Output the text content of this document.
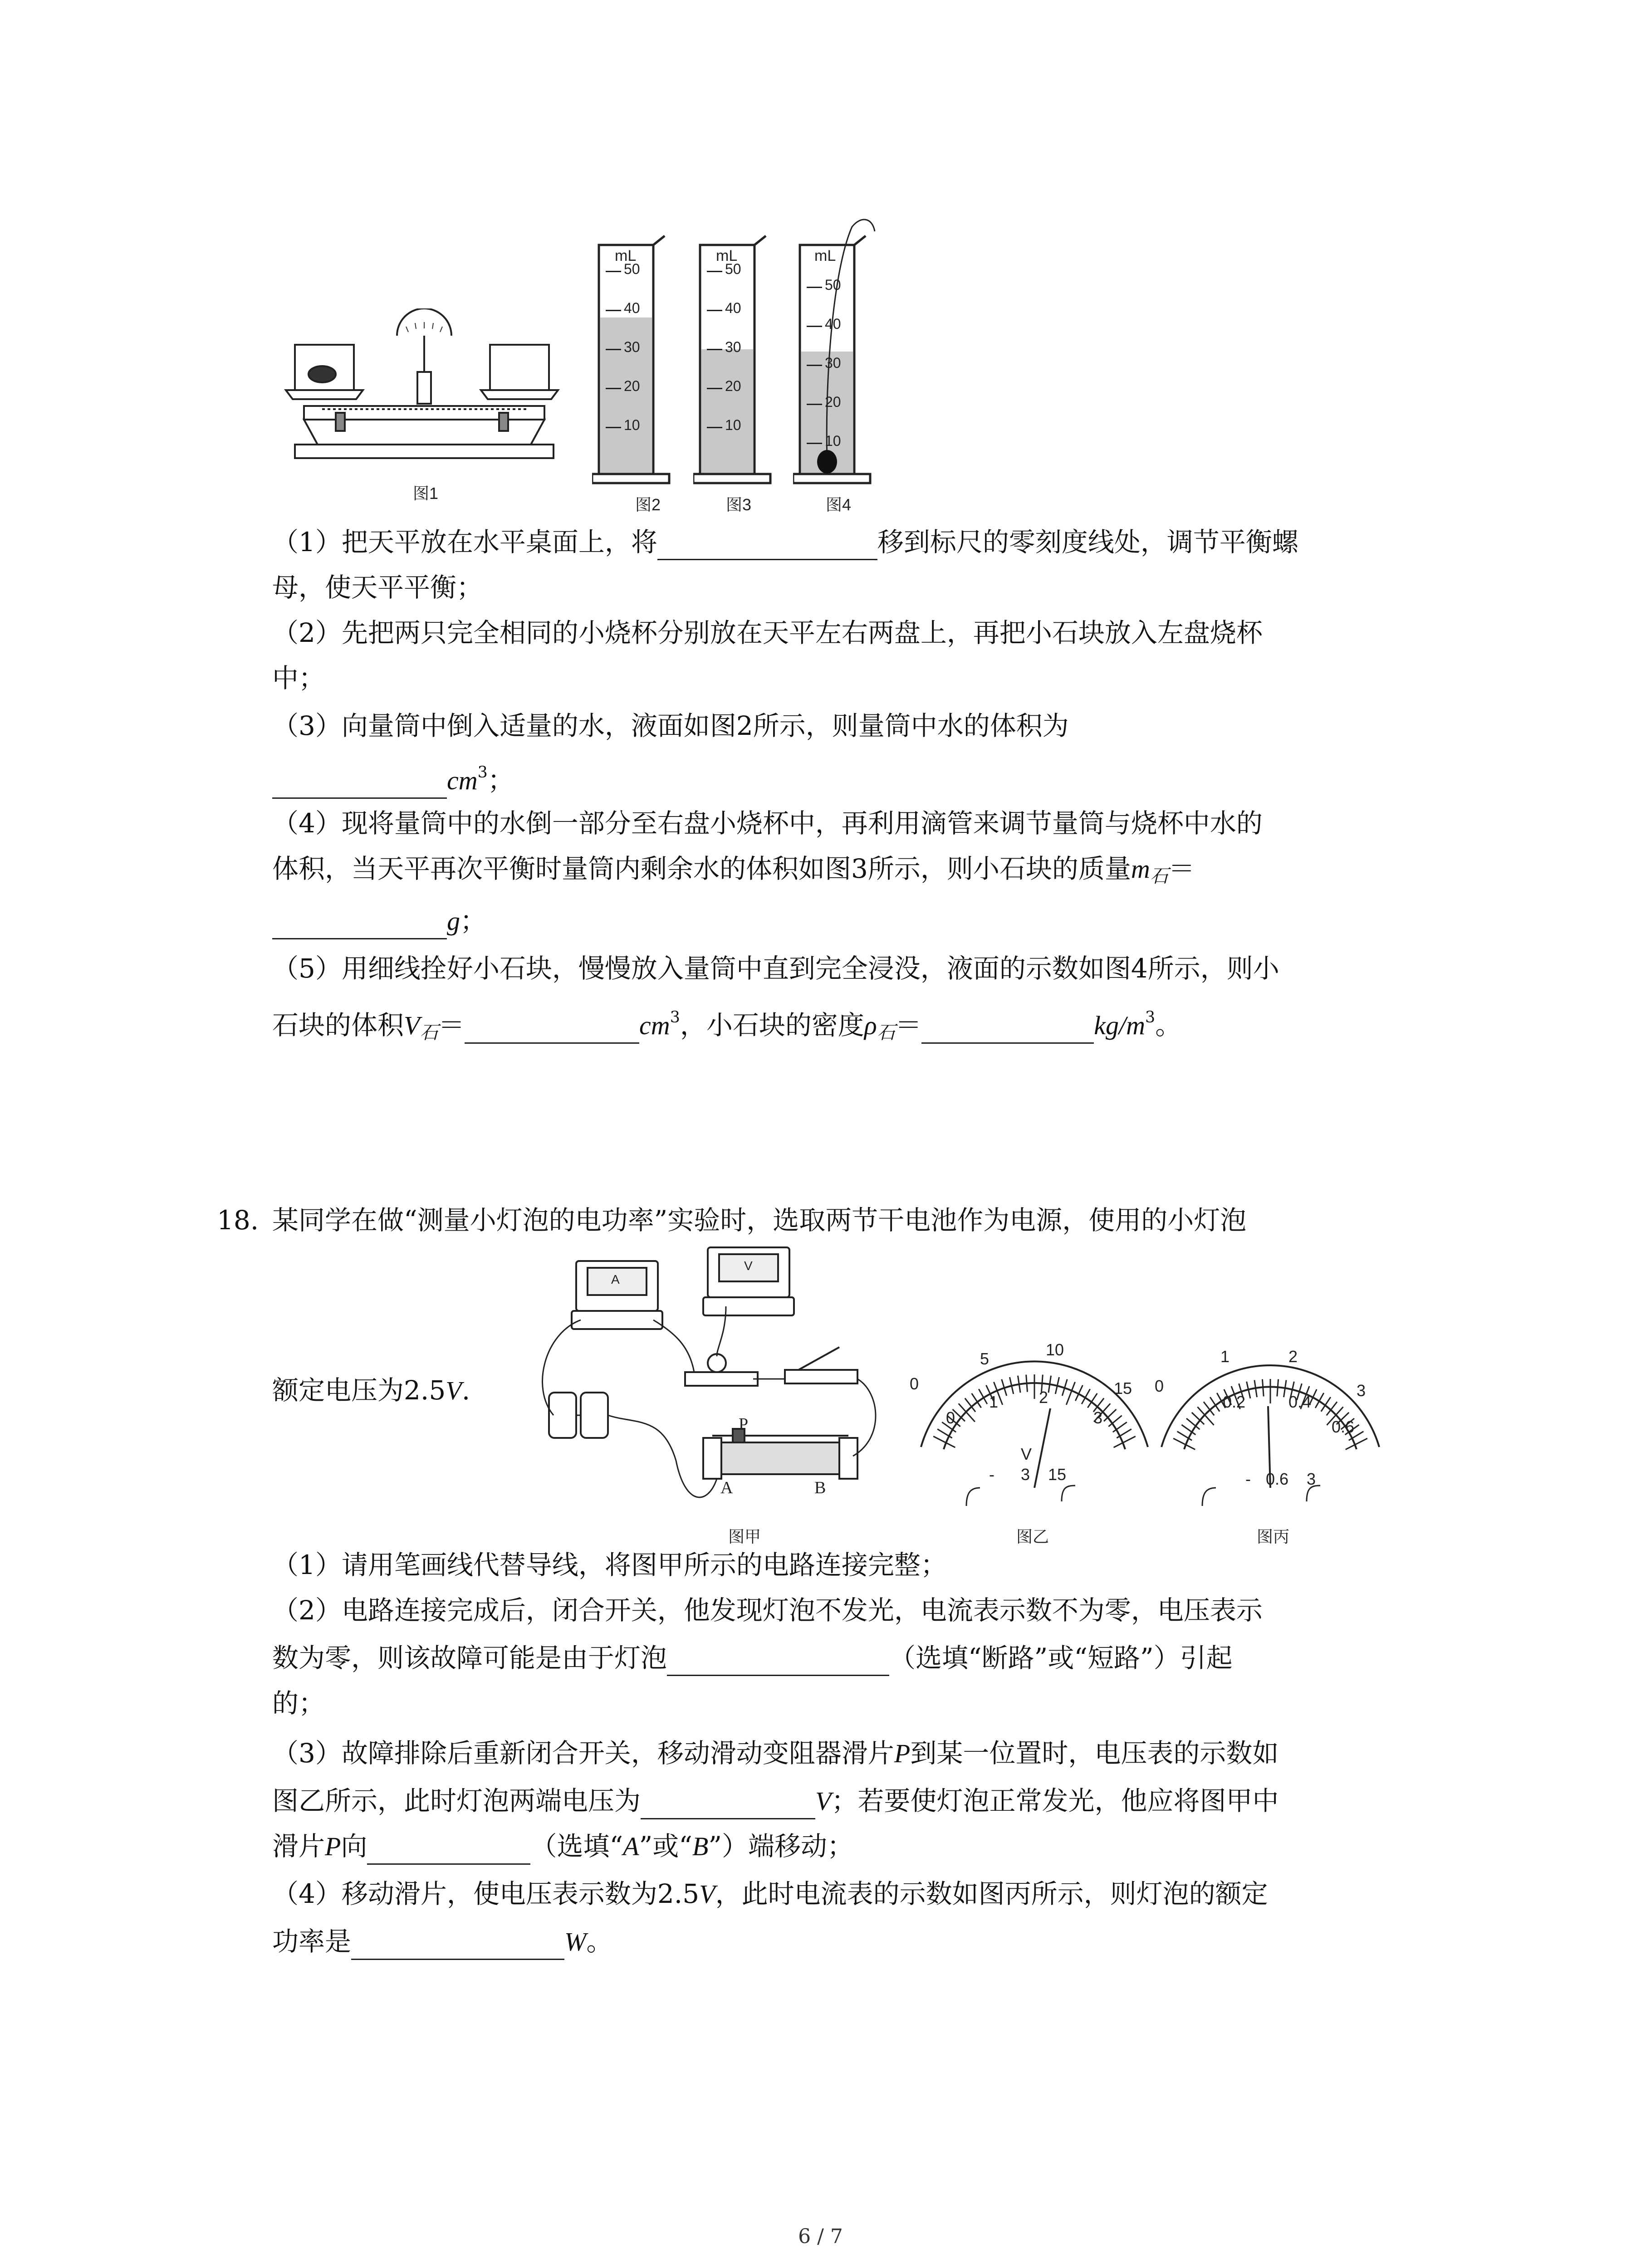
图1
mL	mL	mL
50
40
30
20
10
50
40
30
20
10
50
40
30
20
10
图2	图3	图4
（1）把天平放在水平桌面上，将	移到标尺的零刻度线处，调节平衡螺
母，使天平平衡；
（2）先把两只完全相同的小烧杯分别放在天平左右两盘上，再把小石块放入左盘烧杯
中；
（3）向量筒中倒入适量的水，液面如图2所示，则量筒中水的体积为
$cm^3$；
（4）现将量筒中的水倒一部分至右盘小烧杯中，再利用滴管来调节量筒与烧杯中水的
体积，当天平再次平衡时量筒内剩余水的体积如图3所示，则小石块的质量$m_石=$
g；
（5）用细线拴好小石块，慢慢放入量筒中直到完全浸没，液面的示数如图4所示，则小
石块的体积$V_石=$	$cm^3$，小石块的密度$\rho_石=$	$kg/m^3$。
18. 某同学在做“测量小灯泡的电功率”实验时，选取两节干电池作为电源，使用的小灯泡
额定电压为2.5V.
P
A	B
A
V
图甲
5	10
15
0
0
1 2
3
V
- 3 15
图乙
1	2
3
0
0.2	0.4
0.6
- 0.6 3
图丙
（1）请用笔画线代替导线，将图甲所示的电路连接完整；
（2）电路连接完成后，闭合开关，他发现灯泡不发光，电流表示数不为零，电压表示
数为零，则该故障可能是由于灯泡	（选填“断路”或“短路”）引起
的；
（3）故障排除后重新闭合开关，移动滑动变阻器滑片P到某一位置时，电压表的示数如
图乙所示，此时灯泡两端电压为	V；若要使灯泡正常发光，他应将图甲中
滑片P向	（选填“A”或“B”）端移动；
（4）移动滑片，使电压表示数为2.5V，此时电流表的示数如图丙所示，则灯泡的额定
功率是	W。
6 / 7
